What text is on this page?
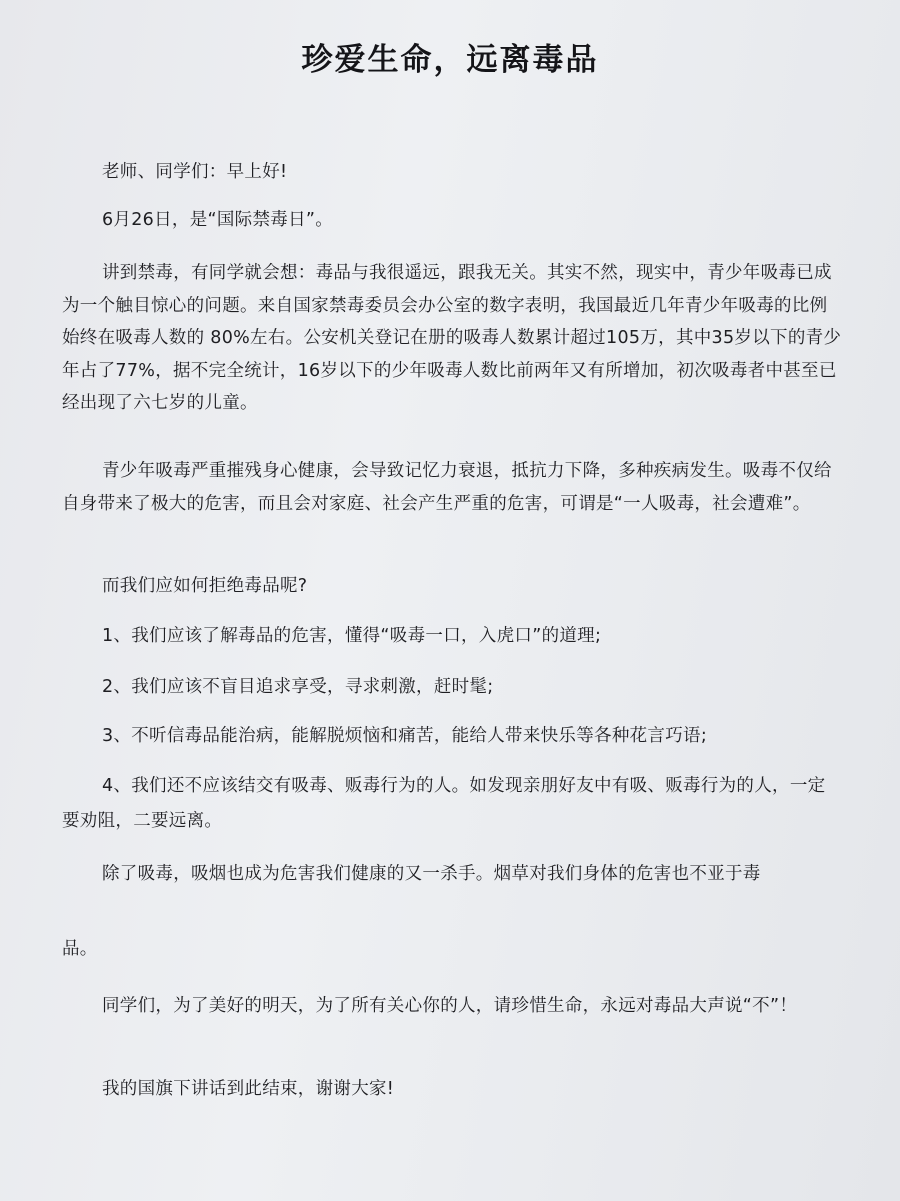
珍爱生命，远离毒品

老师、同学们：早上好!

6月26日，是“国际禁毒日”。

讲到禁毒，有同学就会想：毒品与我很遥远，跟我无关。其实不然，现实中，青少年吸毒已成为一个触目惊心的问题。来自国家禁毒委员会办公室的数字表明，我国最近几年青少年吸毒的比例始终在吸毒人数的 80%左右。公安机关登记在册的吸毒人数累计超过105万，其中35岁以下的青少年占了77%，据不完全统计，16岁以下的少年吸毒人数比前两年又有所增加，初次吸毒者中甚至已经出现了六七岁的儿童。

青少年吸毒严重摧残身心健康，会导致记忆力衰退，抵抗力下降，多种疾病发生。吸毒不仅给自身带来了极大的危害，而且会对家庭、社会产生严重的危害，可谓是“一人吸毒，社会遭难”。

而我们应如何拒绝毒品呢?

1、我们应该了解毒品的危害，懂得“吸毒一口，入虎口”的道理;

2、我们应该不盲目追求享受，寻求刺激，赶时髦;

3、不听信毒品能治病，能解脱烦恼和痛苦，能给人带来快乐等各种花言巧语;

4、我们还不应该结交有吸毒、贩毒行为的人。如发现亲朋好友中有吸、贩毒行为的人，一定要劝阻，二要远离。

除了吸毒，吸烟也成为危害我们健康的又一杀手。烟草对我们身体的危害也不亚于毒

品。

同学们，为了美好的明天，为了所有关心你的人，请珍惜生命，永远对毒品大声说“不”！

我的国旗下讲话到此结束，谢谢大家!
